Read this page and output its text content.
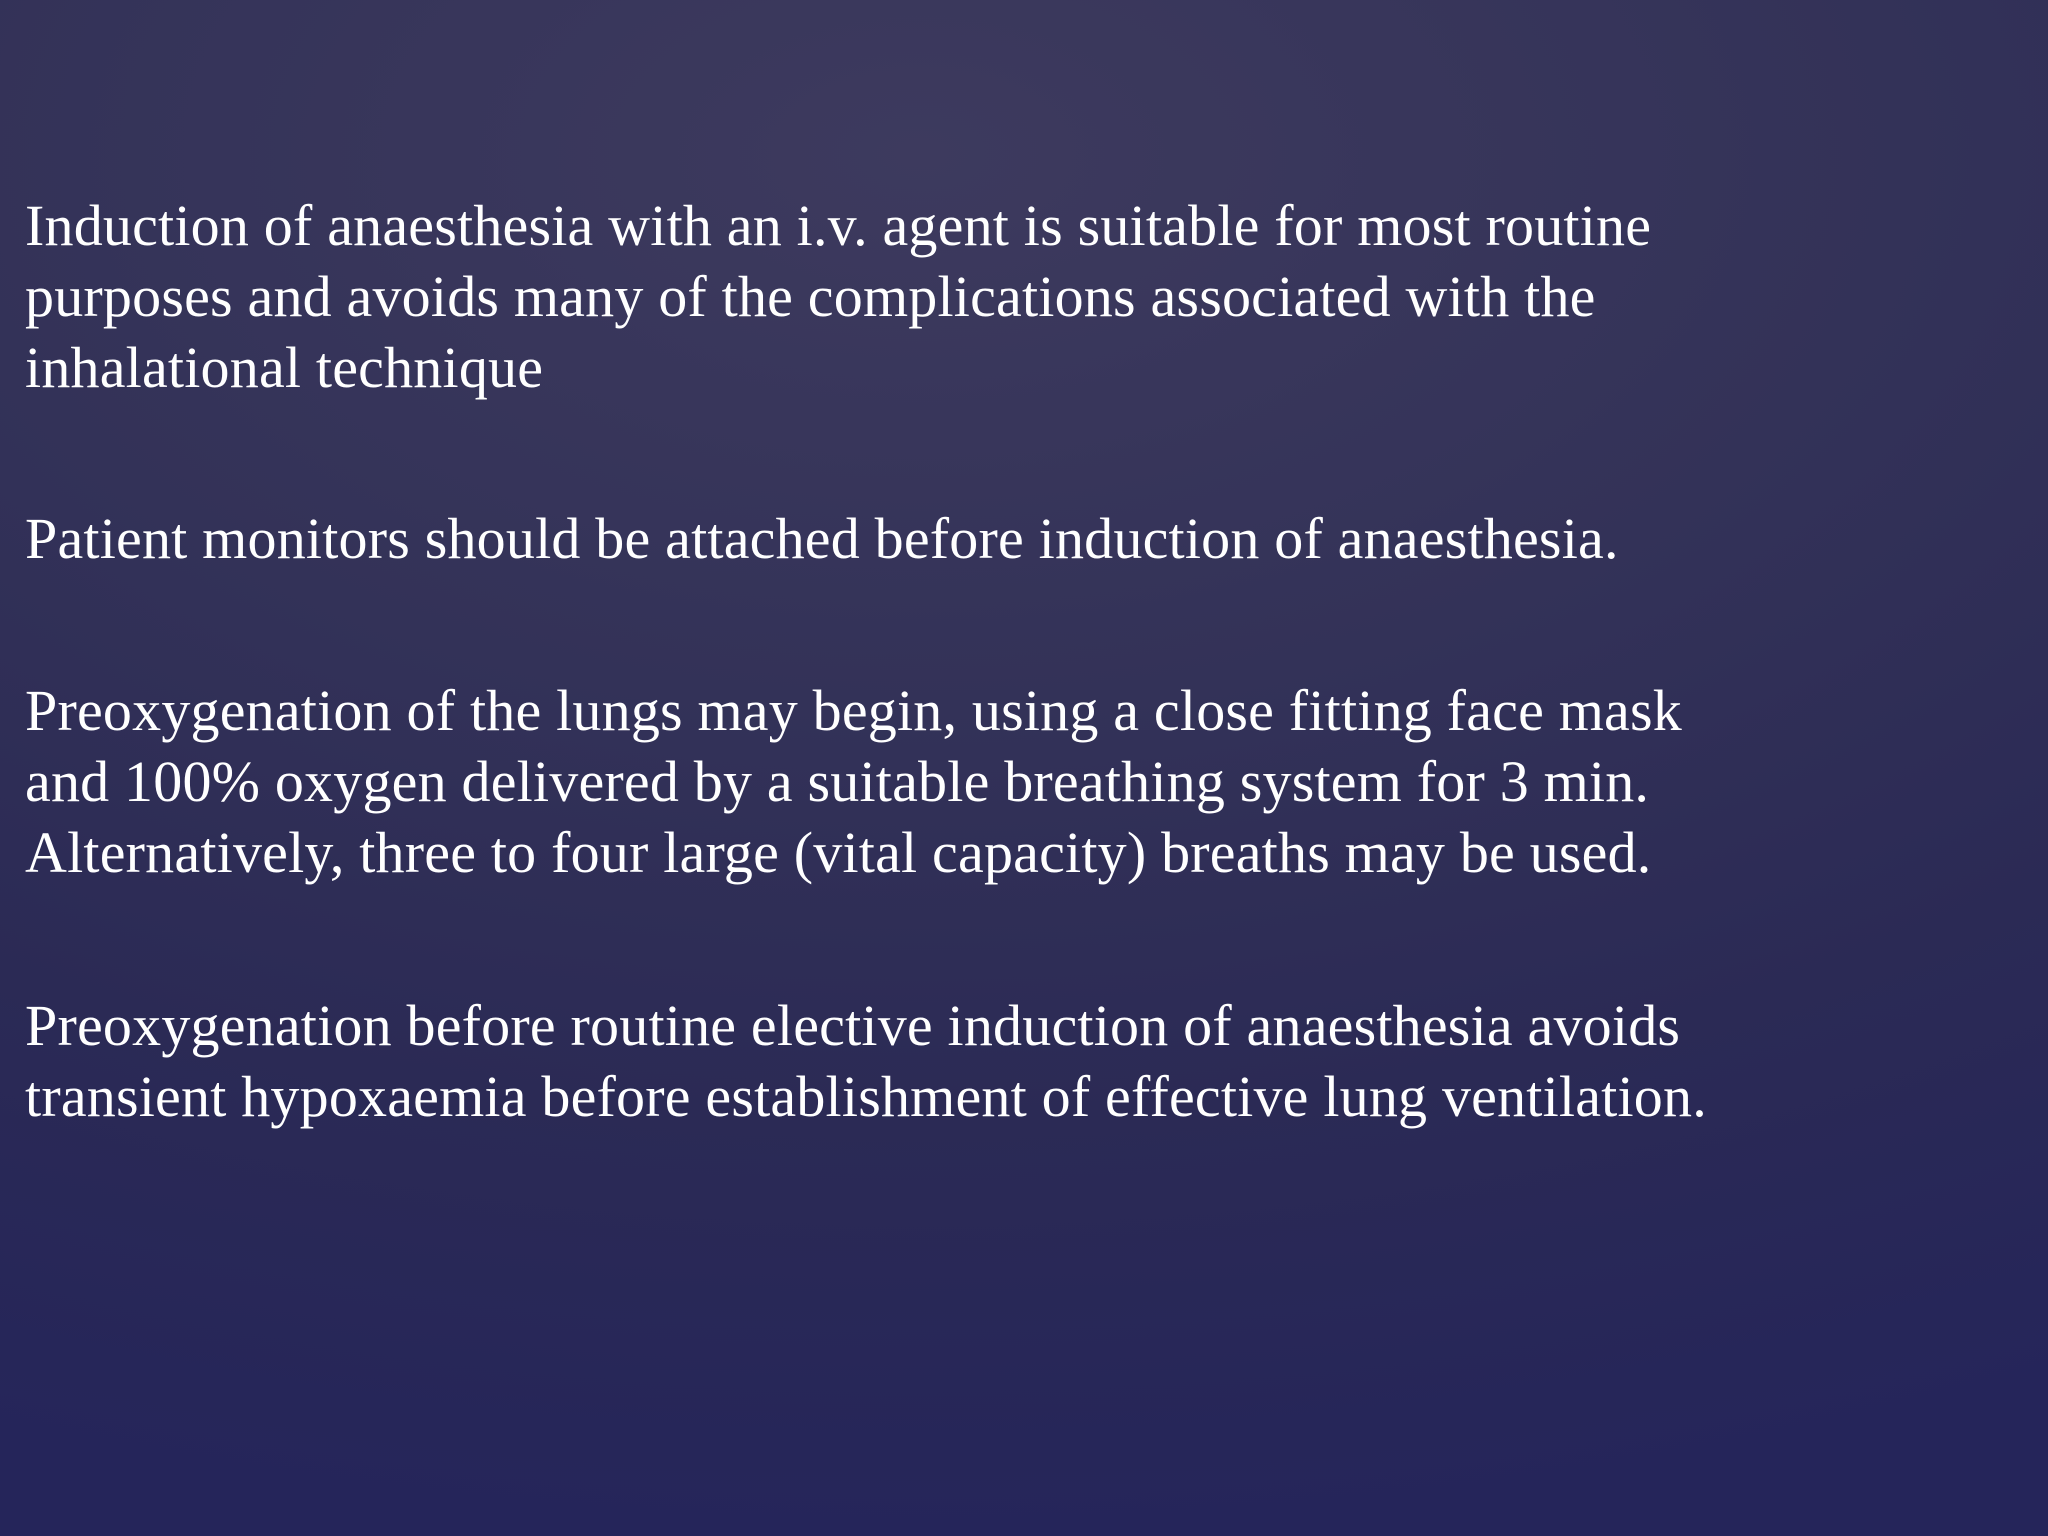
Induction of anaesthesia with an i.v. agent is suitable for most routine
purposes and avoids many of the complications associated with the
inhalational technique

Patient monitors should be attached before induction of anaesthesia.

Preoxygenation of the lungs may begin, using a close fitting face mask
and 100% oxygen delivered by a suitable breathing system for 3 min.
Alternatively, three to four large (vital capacity) breaths may be used.

Preoxygenation before routine elective induction of anaesthesia avoids
transient hypoxaemia before establishment of effective lung ventilation.
